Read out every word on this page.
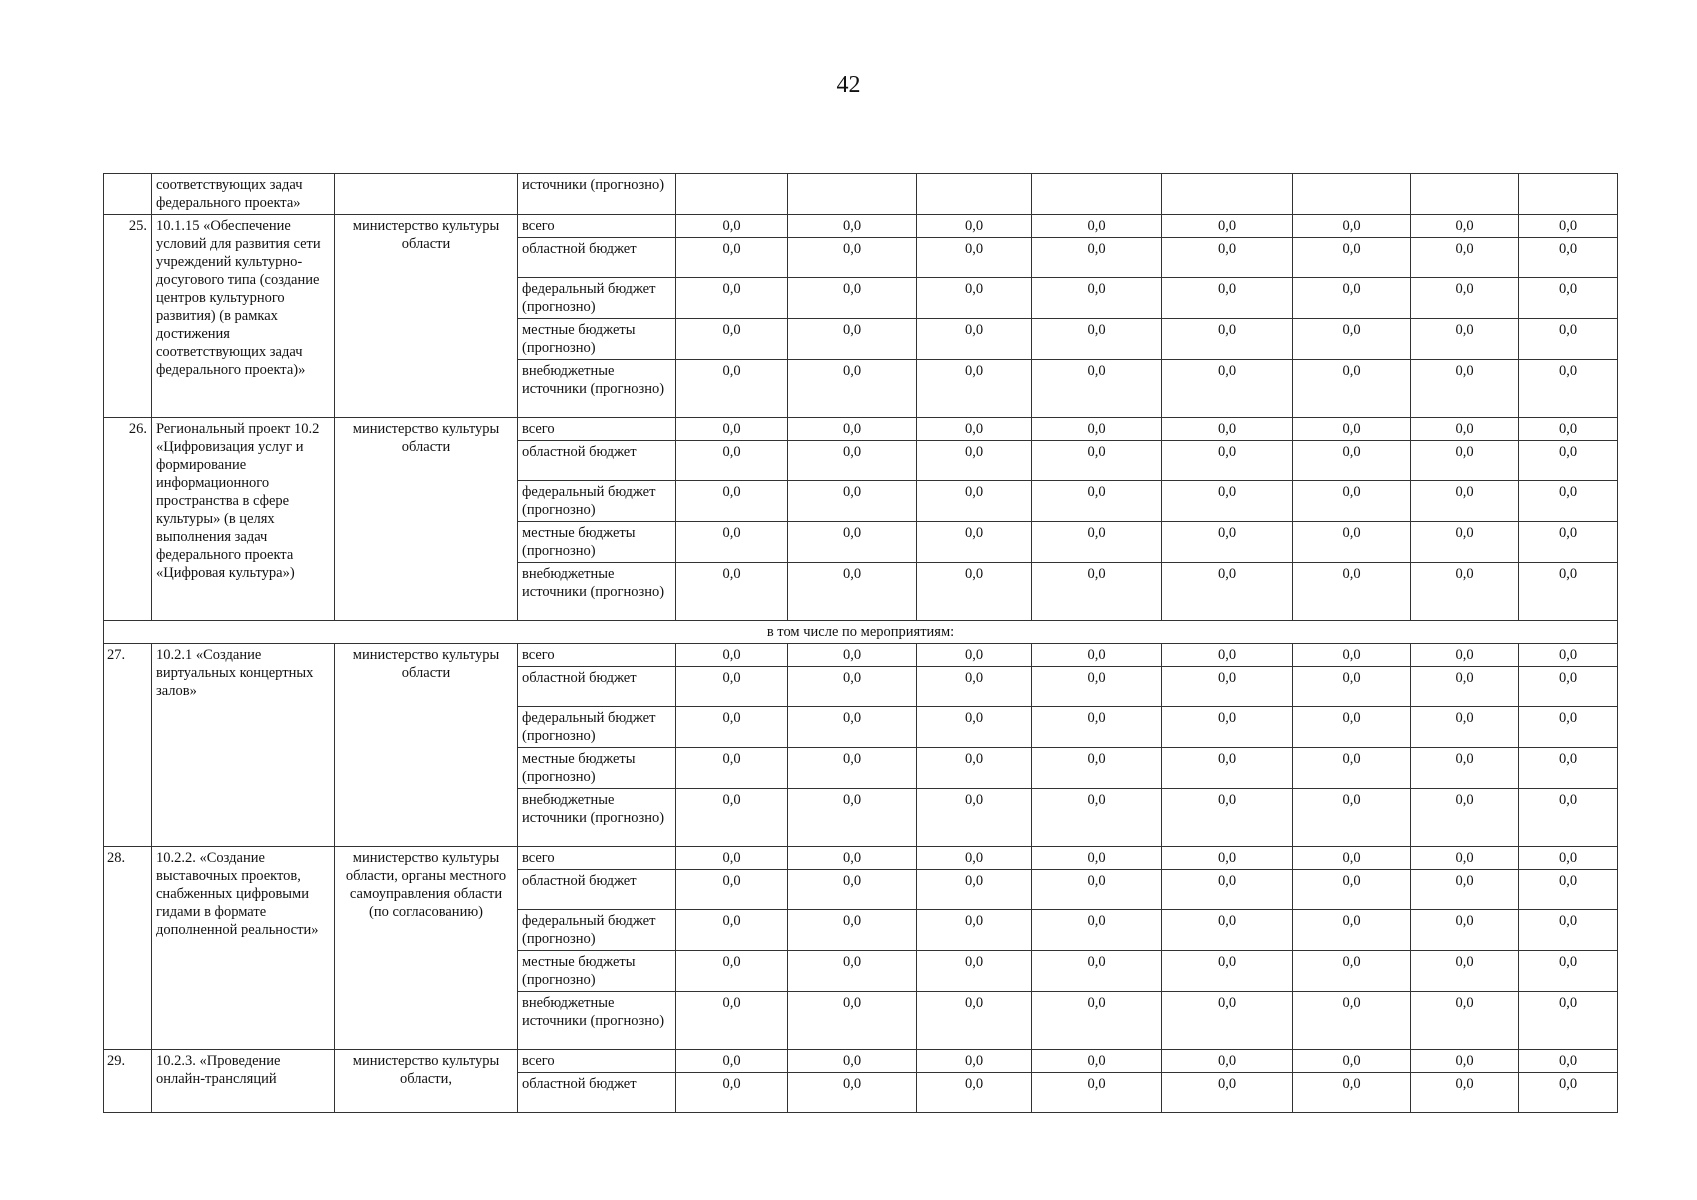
42
	соответствующих задач федерального проекта»		источники (прогнозно)								
25.	10.1.15 «Обеспечение условий для развития сети учреждений культурно-досугового типа (создание центров культурного развития) (в рамках достижения соответствующих задач федерального проекта)»	министерство культуры области	всего	0,0	0,0	0,0	0,0	0,0	0,0	0,0	0,0
			областной бюджет	0,0	0,0	0,0	0,0	0,0	0,0	0,0	0,0
			федеральный бюджет (прогнозно)	0,0	0,0	0,0	0,0	0,0	0,0	0,0	0,0
			местные бюджеты (прогнозно)	0,0	0,0	0,0	0,0	0,0	0,0	0,0	0,0
			внебюджетные источники (прогнозно)	0,0	0,0	0,0	0,0	0,0	0,0	0,0	0,0
26.	Региональный проект 10.2 «Цифровизация услуг и формирование информационного пространства в сфере культуры» (в целях выполнения задач федерального проекта «Цифровая культура»)	министерство культуры области	всего	0,0	0,0	0,0	0,0	0,0	0,0	0,0	0,0
			областной бюджет	0,0	0,0	0,0	0,0	0,0	0,0	0,0	0,0
			федеральный бюджет (прогнозно)	0,0	0,0	0,0	0,0	0,0	0,0	0,0	0,0
			местные бюджеты (прогнозно)	0,0	0,0	0,0	0,0	0,0	0,0	0,0	0,0
			внебюджетные источники (прогнозно)	0,0	0,0	0,0	0,0	0,0	0,0	0,0	0,0
в том числе по мероприятиям:											
27.	10.2.1 «Создание виртуальных концертных залов»	министерство культуры области	всего	0,0	0,0	0,0	0,0	0,0	0,0	0,0	0,0
			областной бюджет	0,0	0,0	0,0	0,0	0,0	0,0	0,0	0,0
			федеральный бюджет (прогнозно)	0,0	0,0	0,0	0,0	0,0	0,0	0,0	0,0
			местные бюджеты (прогнозно)	0,0	0,0	0,0	0,0	0,0	0,0	0,0	0,0
			внебюджетные источники (прогнозно)	0,0	0,0	0,0	0,0	0,0	0,0	0,0	0,0
28.	10.2.2. «Создание выставочных проектов, снабженных цифровыми гидами в формате дополненной реальности»	министерство культуры области, органы местного самоуправления области (по согласованию)	всего	0,0	0,0	0,0	0,0	0,0	0,0	0,0	0,0
			областной бюджет	0,0	0,0	0,0	0,0	0,0	0,0	0,0	0,0
			федеральный бюджет (прогнозно)	0,0	0,0	0,0	0,0	0,0	0,0	0,0	0,0
			местные бюджеты (прогнозно)	0,0	0,0	0,0	0,0	0,0	0,0	0,0	0,0
			внебюджетные источники (прогнозно)	0,0	0,0	0,0	0,0	0,0	0,0	0,0	0,0
29.	10.2.3. «Проведение онлайн-трансляций	министерство культуры области,	всего	0,0	0,0	0,0	0,0	0,0	0,0	0,0	0,0
			областной бюджет	0,0	0,0	0,0	0,0	0,0	0,0	0,0	0,0
